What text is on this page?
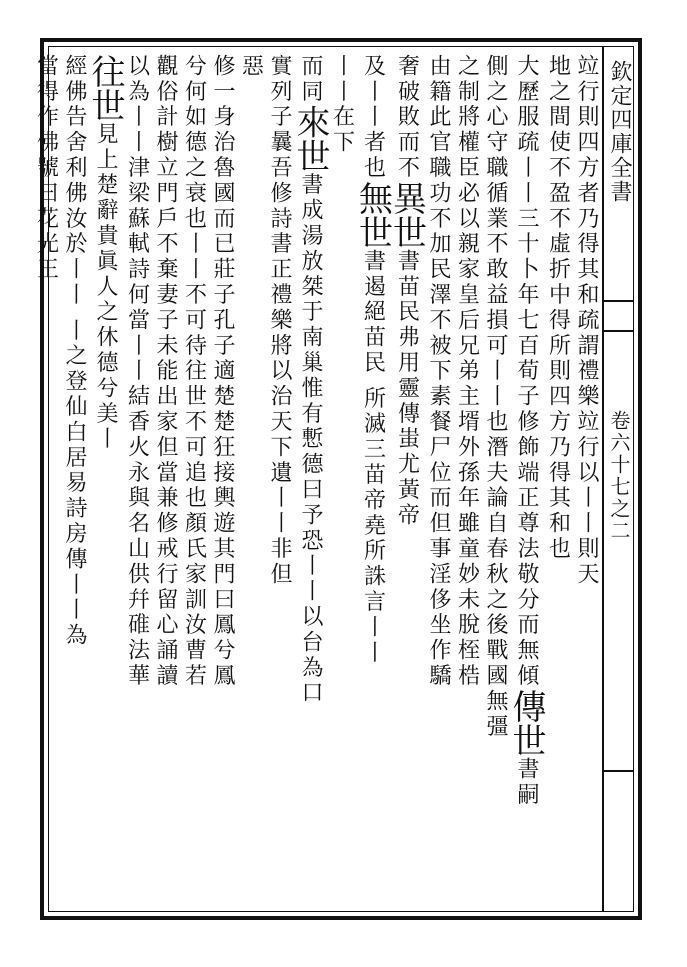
欽定四庫全書
卷六十七之二
竝行則四方者乃得其和疏謂禮樂竝行以丨丨則天
地之間使不盈不虛折中得所則四方乃得其和也
大歷服疏丨丨三十卜年七百荀子修飾端正尊法敬分而無傾傳世書嗣
側之心守職循業不敢益損可丨丨也潛夫論自春秋之後戰國無彊
之制將權臣必以親家皇后兄弟主壻外孫年雖童妙未脫桎梏
由籍此官職功不加民澤不被下素餐尸位而但事淫侈坐作驕
奢破敗而不異世書苗民弗用靈傳蚩尤黃帝
及丨丨者也無世書遏絕苗民 所滅三苗帝堯所誅言丨丨
丨丨在下
而同來世書成湯放桀于南巢惟有慙德曰予恐丨丨以台為口
實列子曩吾修詩書正禮樂將以治天下遺丨丨非但
惡
修一身治魯國而已莊子孔子適楚楚狂接輿遊其門曰鳳兮鳳
兮何如德之衰也丨丨不可待往世不可追也顏氏家訓汝曹若
觀俗計樹立門戶不棄妻子未能出家但當兼修戒行留心誦讀
以為丨丨津梁蘇軾詩何當丨丨結香火永與名山供幷碓法華
往世見上楚辭貴眞人之休德兮美丨
經佛告舍利佛汝於丨丨 丨之登仙白居易詩房傳丨丨為
當得作佛號曰花光王
